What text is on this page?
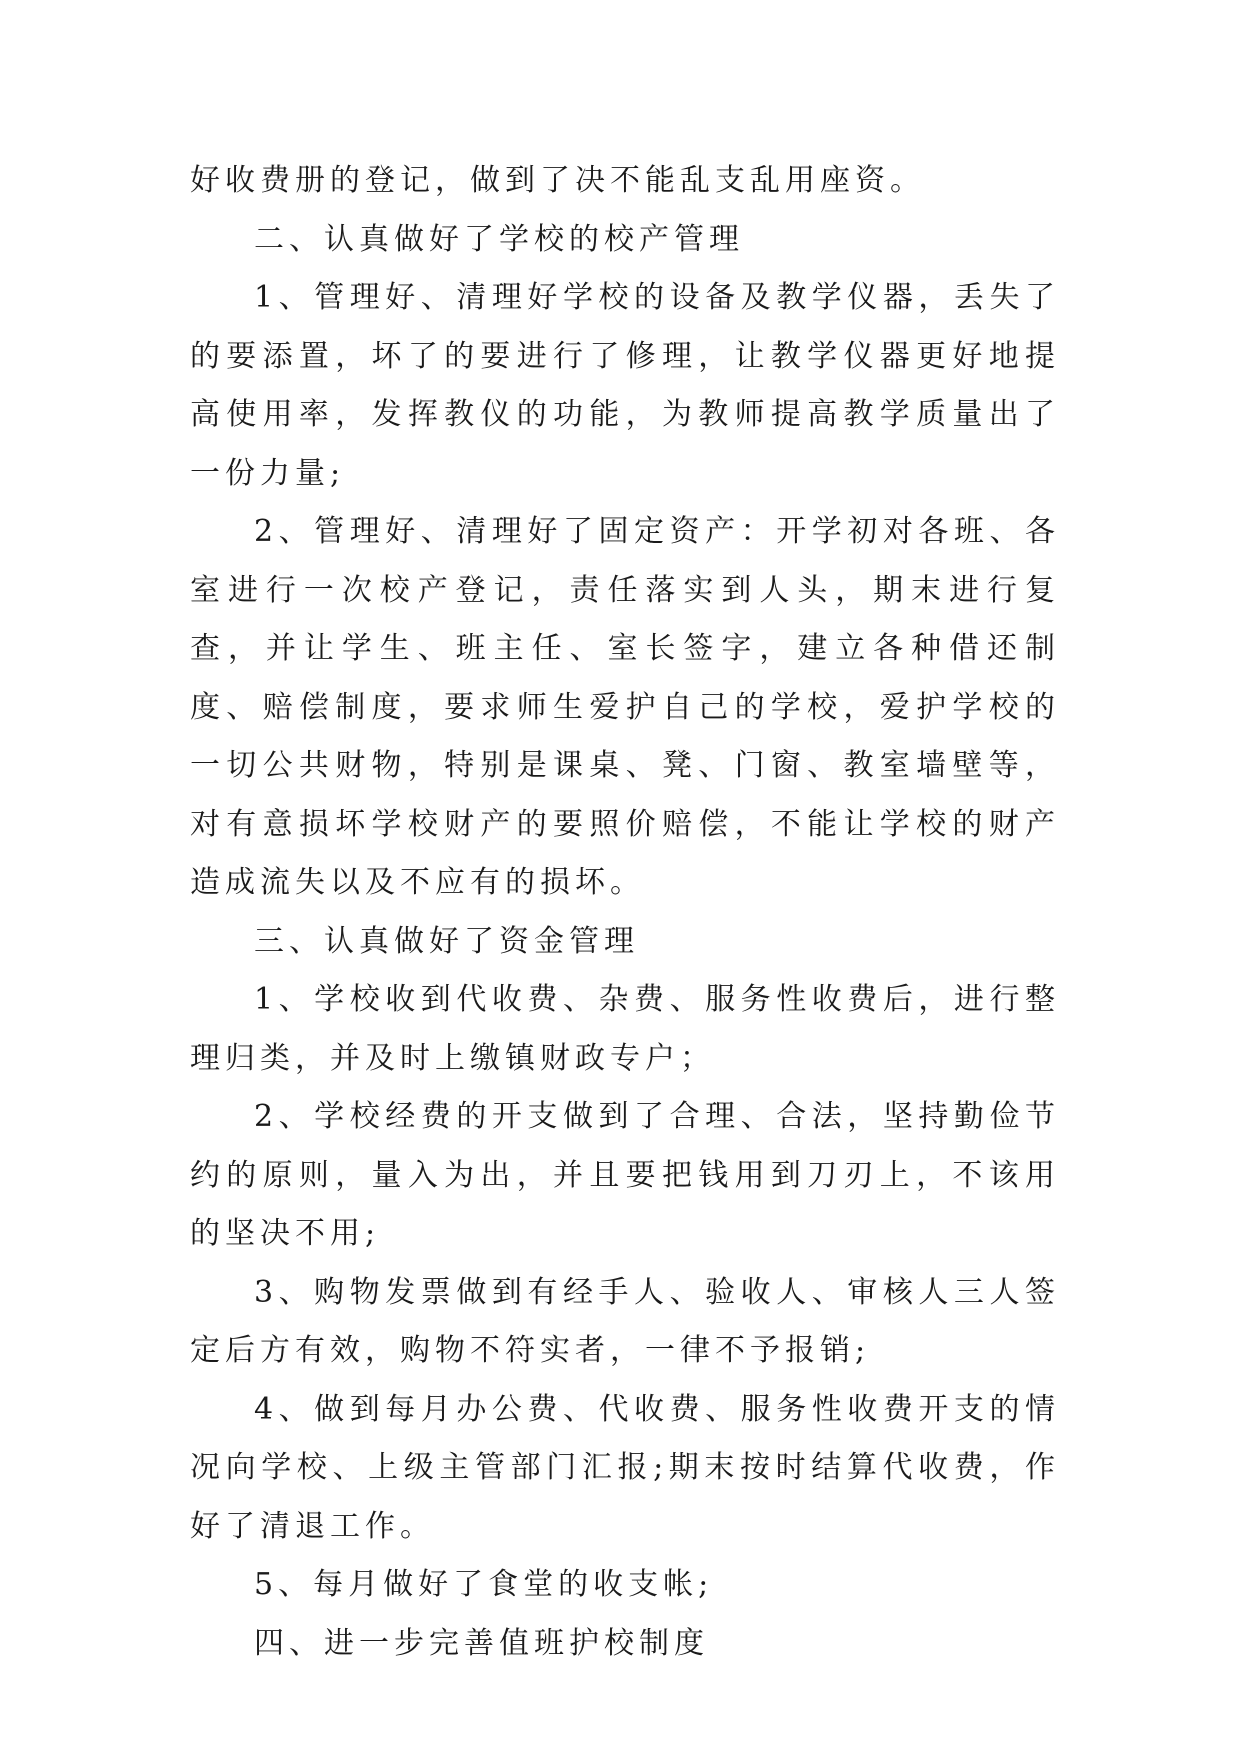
好收费册的登记，做到了决不能乱支乱用座资。

二、认真做好了学校的校产管理

1、管理好、清理好学校的设备及教学仪器，丢失了的要添置，坏了的要进行了修理，让教学仪器更好地提高使用率，发挥教仪的功能，为教师提高教学质量出了一份力量;

2、管理好、清理好了固定资产：开学初对各班、各室进行一次校产登记，责任落实到人头，期末进行复查，并让学生、班主任、室长签字，建立各种借还制度、赔偿制度，要求师生爱护自己的学校，爱护学校的一切公共财物，特别是课桌、凳、门窗、教室墙壁等，对有意损坏学校财产的要照价赔偿，不能让学校的财产造成流失以及不应有的损坏。

三、认真做好了资金管理

1、学校收到代收费、杂费、服务性收费后，进行整理归类，并及时上缴镇财政专户；

2、学校经费的开支做到了合理、合法，坚持勤俭节约的原则，量入为出，并且要把钱用到刀刃上，不该用的坚决不用;

3、购物发票做到有经手人、验收人、审核人三人签定后方有效，购物不符实者，一律不予报销;

4、做到每月办公费、代收费、服务性收费开支的情况向学校、上级主管部门汇报;期末按时结算代收费，作好了清退工作。

5、每月做好了食堂的收支帐;

四、进一步完善值班护校制度
